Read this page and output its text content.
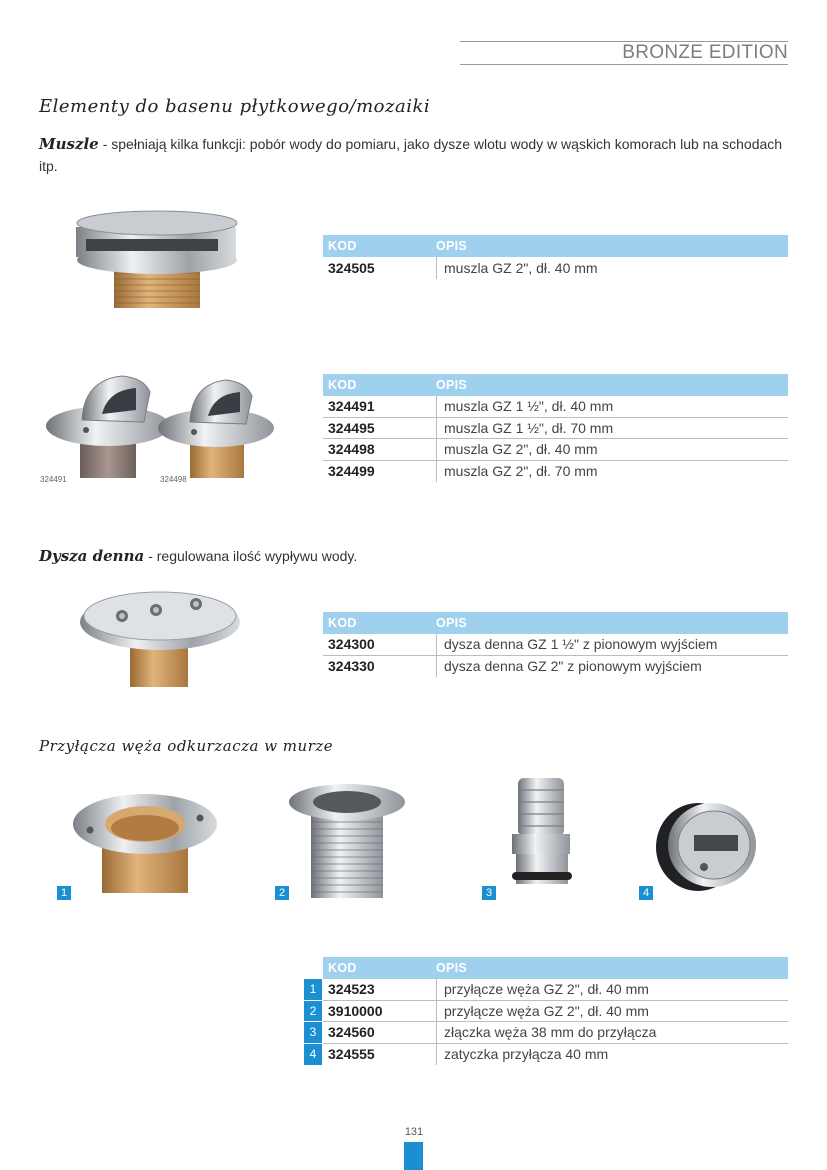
BRONZE EDITION
Elementy do basenu płytkowego/mozaiki
Muszle - spełniają kilka funkcji: pobór wody do pomiaru, jako dysze wlotu wody w wąskich komorach lub na schodach itp.
KOD	OPIS
324505	muszla GZ 2", dł. 40 mm
324491	324498
KOD	OPIS
324491	muszla GZ 1 ½", dł. 40 mm
324495	muszla GZ 1 ½", dł. 70 mm
324498	muszla GZ 2", dł. 40 mm
324499	muszla GZ 2", dł. 70 mm
Dysza denna - regulowana ilość wypływu wody.
KOD	OPIS
324300	dysza denna GZ 1 ½" z pionowym wyjściem
324330	dysza denna GZ 2" z pionowym wyjściem
Przyłącza węża odkurzacza w murze
1	2	3	4
KOD	OPIS
1 324523	przyłącze węża GZ 2", dł. 40 mm
2 3910000	przyłącze węża GZ 2", dł. 40 mm
3 324560	złączka węża 38 mm do przyłącza
4 324555	zatyczka przyłącza 40 mm
131
